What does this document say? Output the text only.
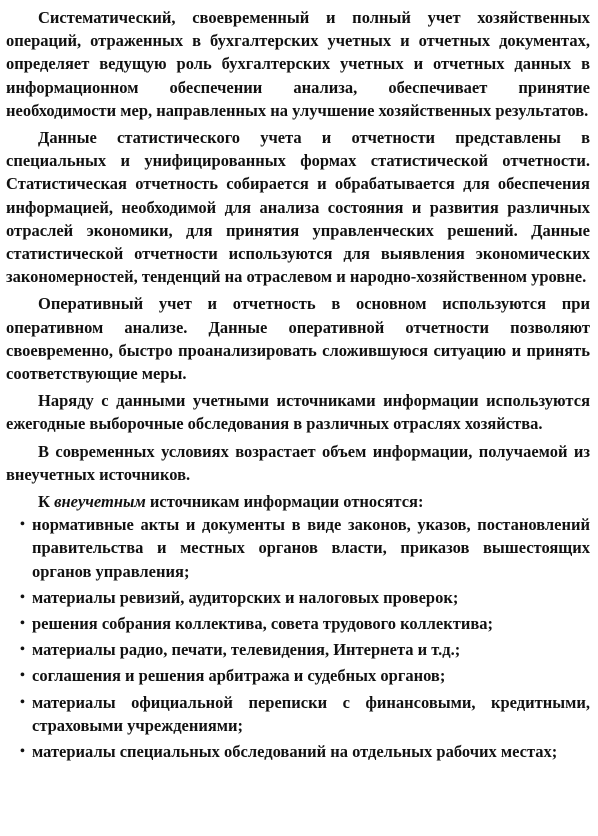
Систематический, своевременный и полный учет хозяйственных операций, отраженных в бухгалтерских учетных и отчетных документах, определяет ведущую роль бухгалтерских учетных и отчетных данных в информационном обеспечении анализа, обеспечивает принятие необходимости мер, направленных на улучшение хозяйственных результатов.

Данные статистического учета и отчетности представлены в специальных и унифицированных формах статистической отчетности. Статистическая отчетность собирается и обрабатывается для обеспечения информацией, необходимой для анализа состояния и развития различных отраслей экономики, для принятия управленческих решений. Данные статистической отчетности используются для выявления экономических закономерностей, тенденций на отраслевом и народно-хозяйственном уровне.

Оперативный учет и отчетность в основном используются при оперативном анализе. Данные оперативной отчетности позволяют своевременно, быстро проанализировать сложившуюся ситуацию и принять соответствующие меры.

Наряду с данными учетными источниками информации используются ежегодные выборочные обследования в различных отраслях хозяйства.

В современных условиях возрастает объем информации, получаемой из внеучетных источников.

К внеучетным источникам информации относятся:

• нормативные акты и документы в виде законов, указов, постановлений правительства и местных органов власти, приказов вышестоящих органов управления;
• материалы ревизий, аудиторских и налоговых проверок;
• решения собрания коллектива, совета трудового коллектива;
• материалы радио, печати, телевидения, Интернета и т.д.;
• соглашения и решения арбитража и судебных органов;
• материалы официальной переписки с финансовыми, кредитными, страховыми учреждениями;
• материалы специальных обследований на отдельных рабочих местах;
